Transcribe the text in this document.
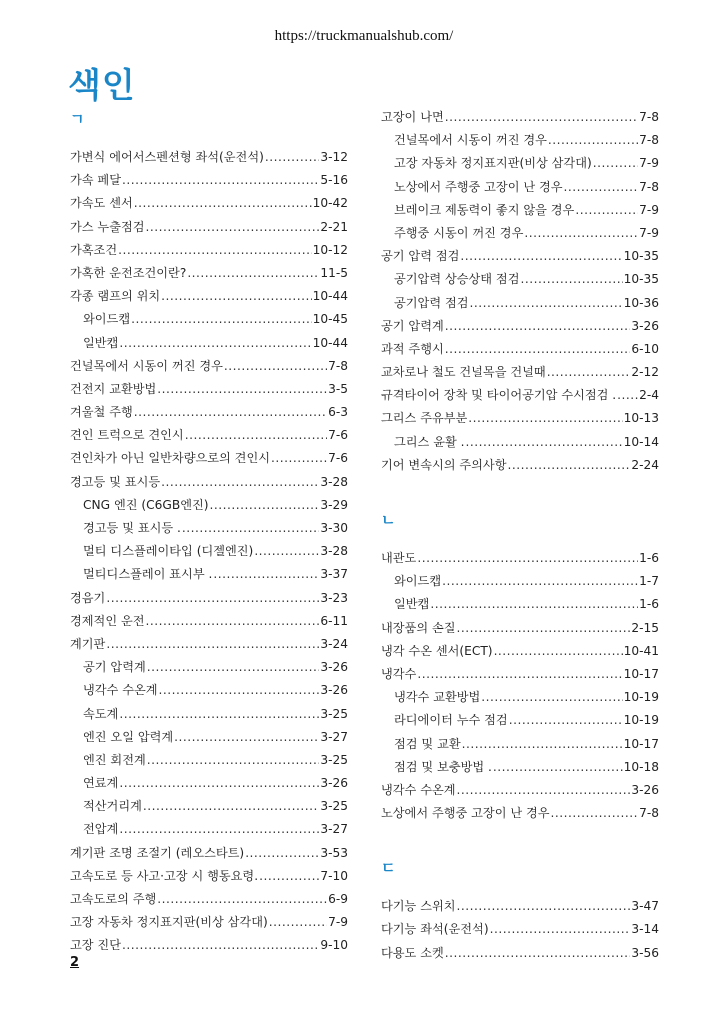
https://truckmanualshub.com/
색인
ㄱ
가변식 에어서스펜션형 좌석(운전석) .....	3-12
가속 페달 .....	5-16
가속도 센서 .....	10-42
가스 누출점검 .....	2-21
가혹조건 .....	10-12
가혹한 운전조건이란? .....	11-5
각종 램프의 위치 .....	10-44
와이드캡 .....	10-45
일반캡 .....	10-44
건널목에서 시동이 꺼진 경우 .....	7-8
건전지 교환방법 .....	3-5
겨울철 주행 .....	6-3
견인 트럭으로 견인시 .....	7-6
견인차가 아닌 일반차량으로의 견인시 .....	7-6
경고등 및 표시등 .....	3-28
CNG 엔진 (C6GB엔진) .....	3-29
경고등 및 표시등 . .....	3-30
멀티 디스플레이타입 (디젤엔진) .....	3-28
멀티디스플레이 표시부 . .....	3-37
경음기 .....	3-23
경제적인 운전 .....	6-11
계기판 .....	3-24
공기 압력계 .....	3-26
냉각수 수온계 .....	3-26
속도계 .....	3-25
엔진 오일 압력계 .....	3-27
엔진 회전계 .....	3-25
연료계 .....	3-26
적산거리계 .....	3-25
전압계 .....	3-27
계기판 조명 조절기 (레오스타트) .....	3-53
고속도로 등 사고·고장 시 행동요령. .....	7-10
고속도로의 주행 .....	6-9
고장 자동차 정지표지판(비상 삼각대) .....	7-9
고장 진단 .....	9-10
고장이 나면 .....	7-8
건널목에서 시동이 꺼진 경우 .....	7-8
고장 자동차 정지표지판(비상 삼각대) .....	7-9
노상에서 주행중 고장이 난 경우 .....	7-8
브레이크 제동력이 좋지 않을 경우 .....	7-9
주행중 시동이 꺼진 경우 .....	7-9
공기 압력 점검 .....	10-35
공기압력 상승상태 점검 .....	10-35
공기압력 점검 .....	10-36
공기 압력계 .....	3-26
과적 주행시 .....	6-10
교차로나 철도 건널목을 건널때 .....	2-12
규격타이어 장착 및 타이어공기압 수시점검 . ..... 2-4
그리스 주유부분 .....	10-13
그리스 윤활 . .....	10-14
기어 변속시의 주의사항 .....	2-24
ㄴ
내관도 .....	1-6
와이드캡 .....	1-7
일반캡 .....	1-6
내장품의 손질 .....	2-15
냉각 수온 센서(ECT) .....	10-41
냉각수 .....	10-17
냉각수 교환방법 .....	10-19
라디에이터 누수 점검 .....	10-19
점검 및 교환 .....	10-17
점검 및 보충방법 . .....	10-18
냉각수 수온계 .....	3-26
노상에서 주행중 고장이 난 경우 .....	7-8
ㄷ
다기능 스위치 .....	3-47
다기능 좌석(운전석) .....	3-14
다용도 소켓 .....	3-56
2
